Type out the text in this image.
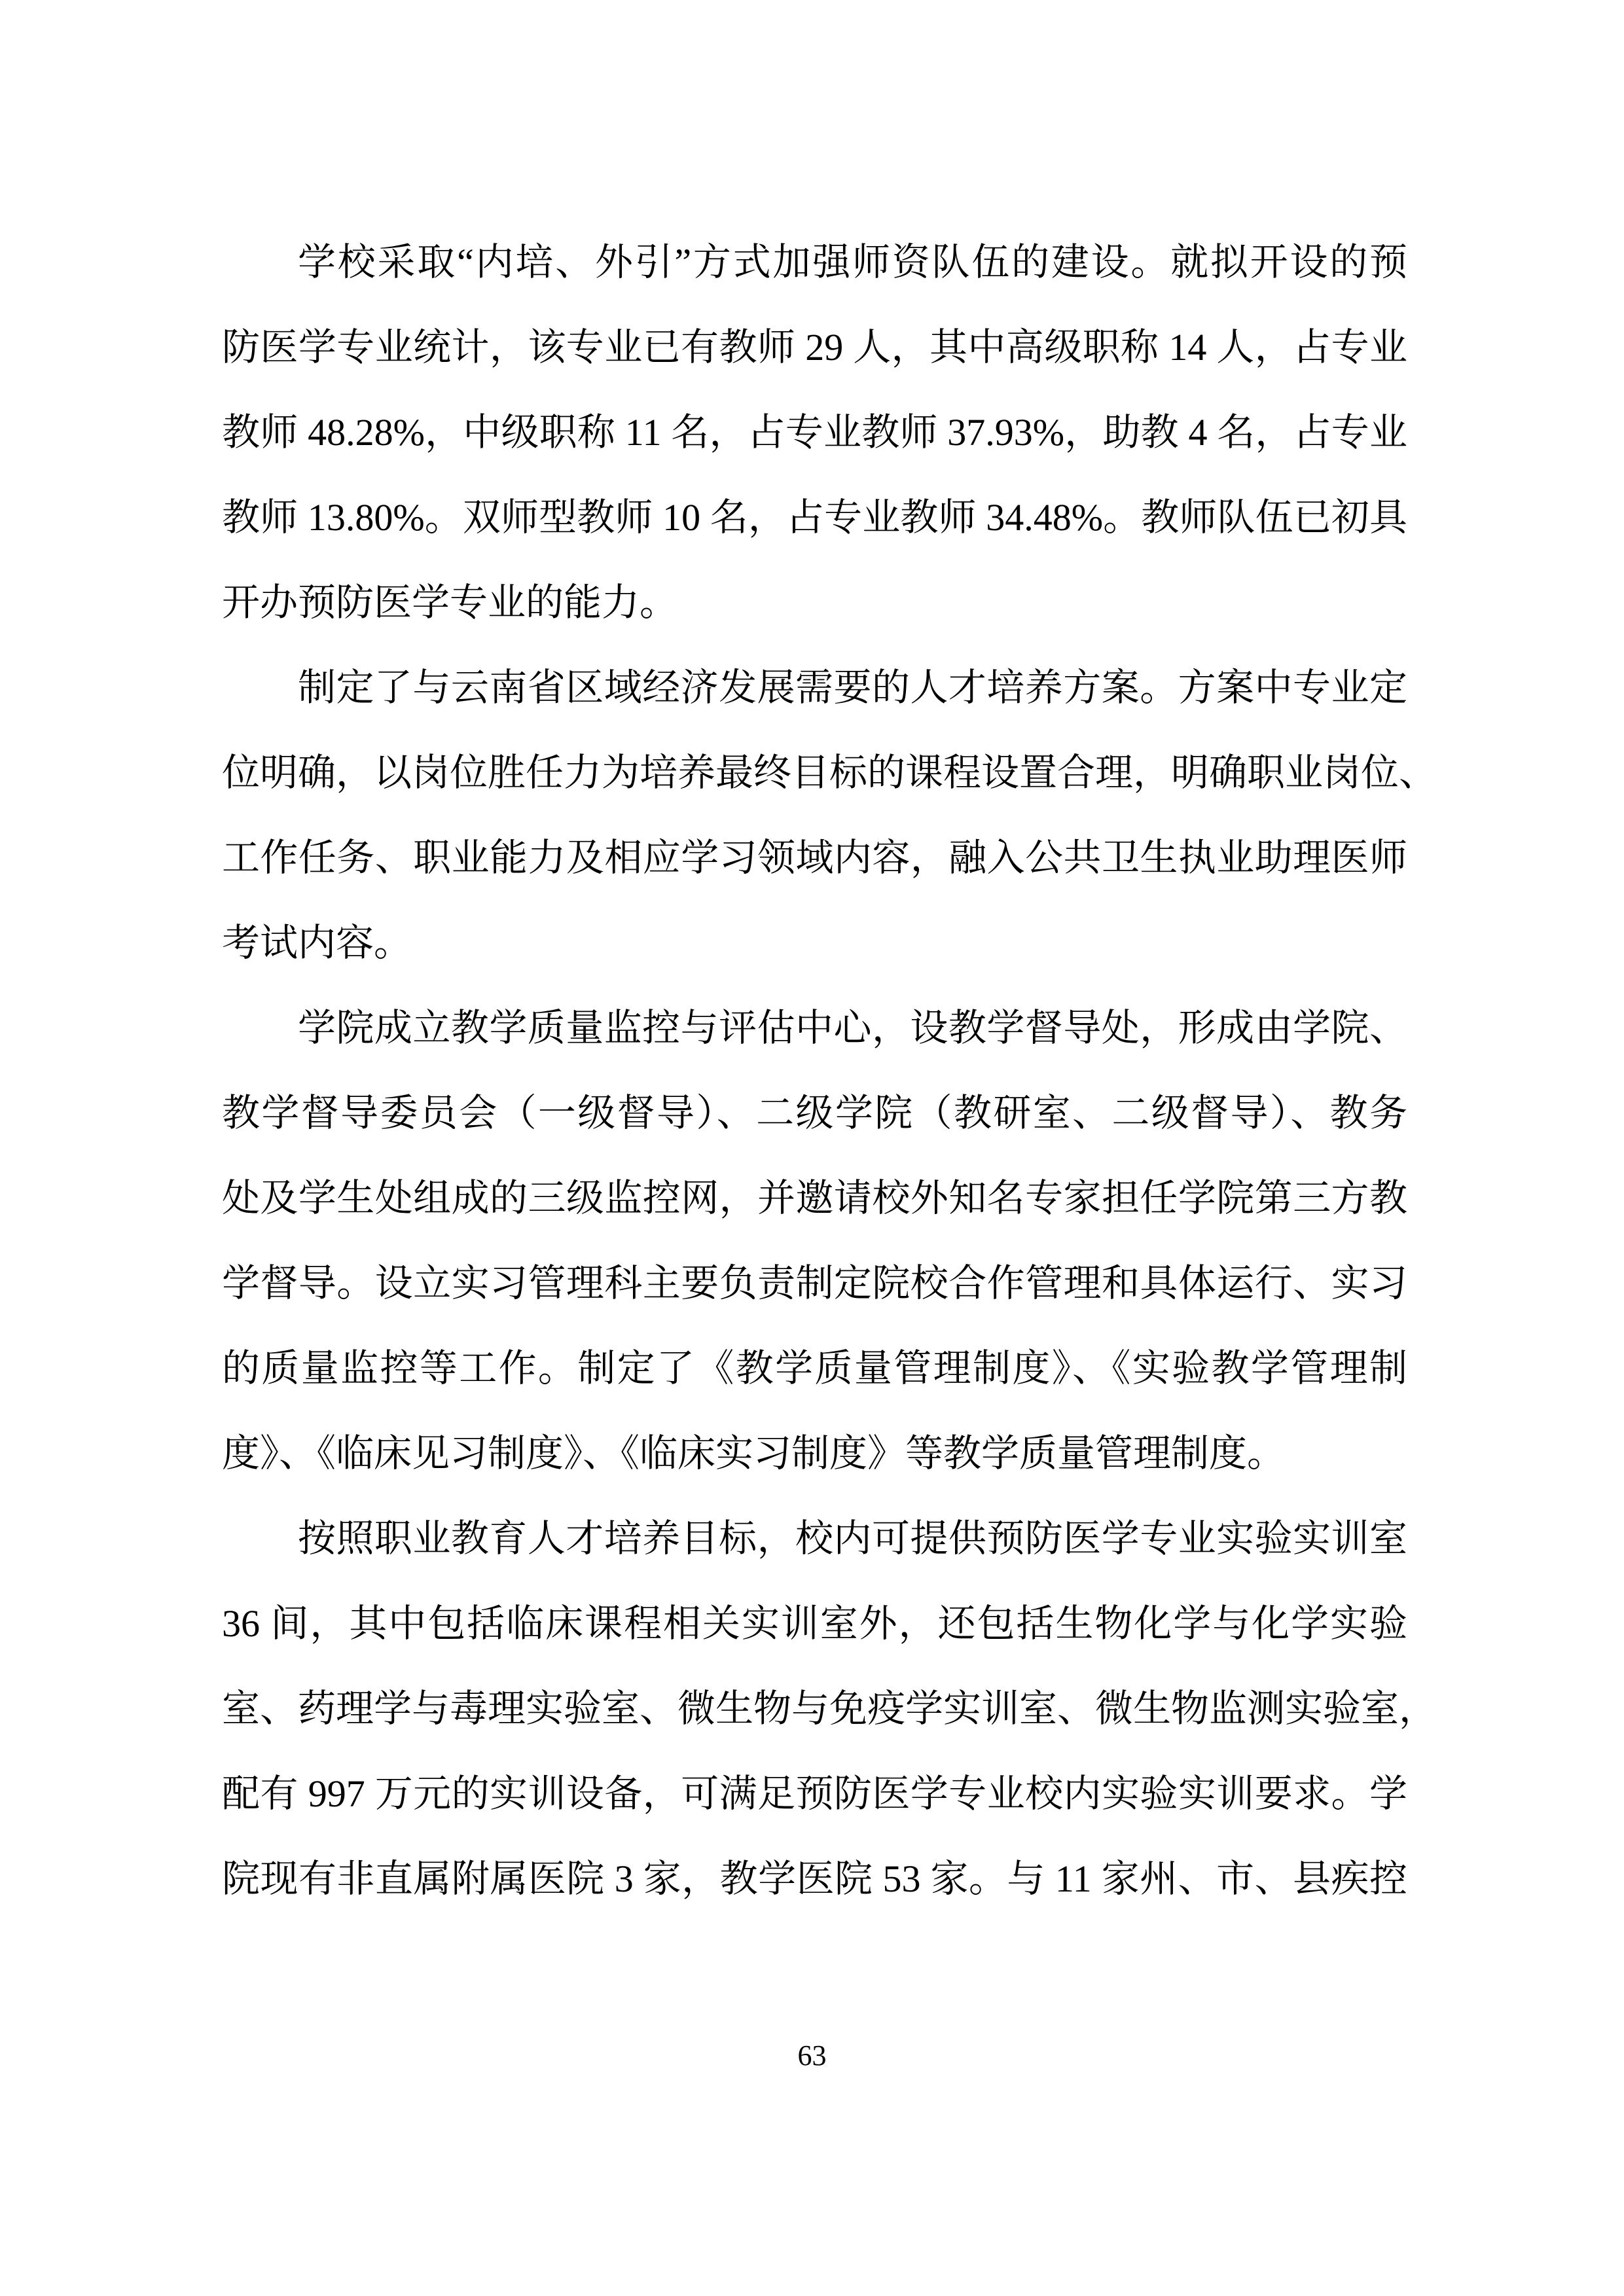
学校采取“内培、外引”方式加强师资队伍的建设。就拟开设的预
防医学专业统计，该专业已有教师 29 人，其中高级职称 14 人，占专业
教师 48.28%，中级职称 11 名，占专业教师 37.93%，助教 4 名，占专业
教师 13.80%。双师型教师 10 名，占专业教师 34.48%。教师队伍已初具
开办预防医学专业的能力。
制定了与云南省区域经济发展需要的人才培养方案。方案中专业定
位明确，以岗位胜任力为培养最终目标的课程设置合理，明确职业岗位、
工作任务、职业能力及相应学习领域内容，融入公共卫生执业助理医师
考试内容。
学院成立教学质量监控与评估中心，设教学督导处，形成由学院、
教学督导委员会（一级督导）、二级学院（教研室、二级督导）、教务
处及学生处组成的三级监控网，并邀请校外知名专家担任学院第三方教
学督导。设立实习管理科主要负责制定院校合作管理和具体运行、实习
的质量监控等工作。制定了《教学质量管理制度》、《实验教学管理制
度》、《临床见习制度》、《临床实习制度》等教学质量管理制度。
按照职业教育人才培养目标，校内可提供预防医学专业实验实训室
36 间，其中包括临床课程相关实训室外，还包括生物化学与化学实验
室、药理学与毒理实验室、微生物与免疫学实训室、微生物监测实验室，
配有 997 万元的实训设备，可满足预防医学专业校内实验实训要求。学
院现有非直属附属医院 3 家，教学医院 53 家。与 11 家州、市、县疾控
63
